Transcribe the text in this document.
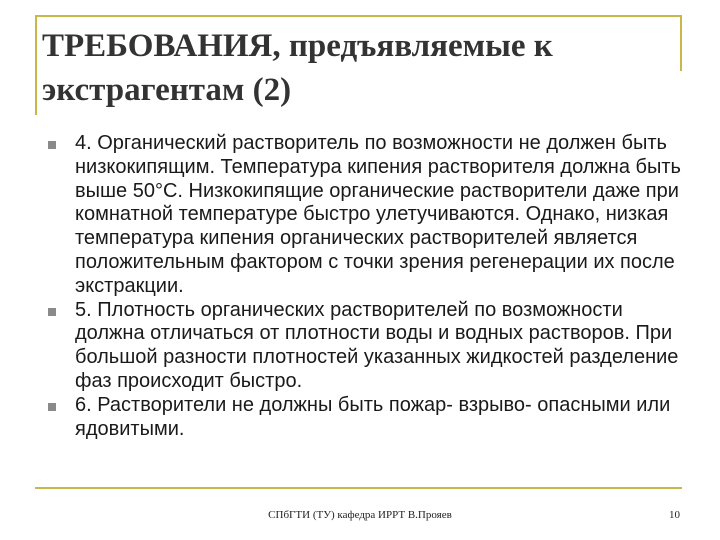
ТРЕБОВАНИЯ, предъявляемые к экстрагентам (2)
4. Органический растворитель по возможности не должен быть низкокипящим. Температура кипения растворителя должна быть выше 50°С. Низкокипящие органические растворители даже при комнатной температуре быстро улетучиваются. Однако, низкая температура кипения органических растворителей является положительным фактором с точки зрения регенерации их после экстракции.
5. Плотность органических растворителей по возможности должна отличаться от плотности воды и водных растворов. При большой разности плотностей указанных жидкостей разделение фаз происходит быстро.
6. Растворители не должны быть пожар- взрыво- опасными или ядовитыми.
СПбГТИ (ТУ) кафедра ИРРТ В.Прояев	10
